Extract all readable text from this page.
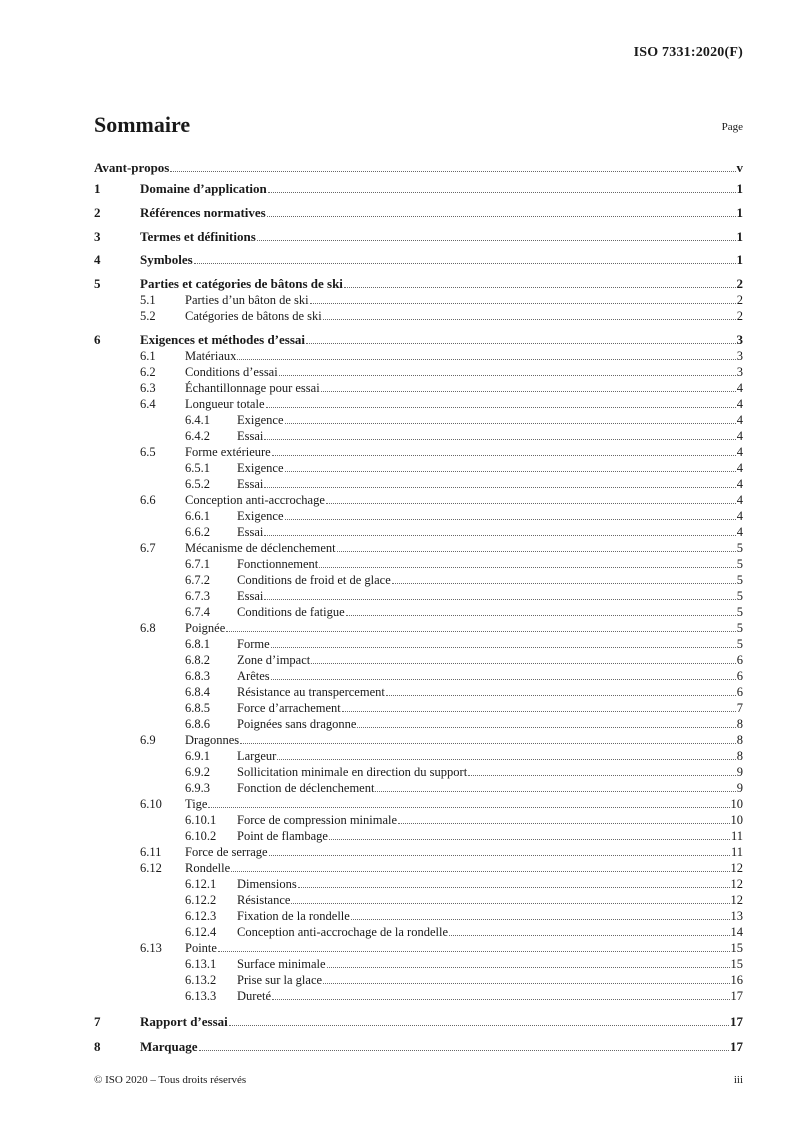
ISO 7331:2020(F)
Sommaire	Page
Avant-propos	v
1	Domaine d’application	1
2	Références normatives	1
3	Termes et définitions	1
4	Symboles	1
5	Parties et catégories de bâtons de ski	2
5.1	Parties d’un bâton de ski	2
5.2	Catégories de bâtons de ski	2
6	Exigences et méthodes d’essai	3
6.1	Matériaux	3
6.2	Conditions d’essai	3
6.3	Échantillonnage pour essai	4
6.4	Longueur totale	4
6.4.1	Exigence	4
6.4.2	Essai	4
6.5	Forme extérieure	4
6.5.1	Exigence	4
6.5.2	Essai	4
6.6	Conception anti-accrochage	4
6.6.1	Exigence	4
6.6.2	Essai	4
6.7	Mécanisme de déclenchement	5
6.7.1	Fonctionnement	5
6.7.2	Conditions de froid et de glace	5
6.7.3	Essai	5
6.7.4	Conditions de fatigue	5
6.8	Poignée	5
6.8.1	Forme	5
6.8.2	Zone d’impact	6
6.8.3	Arêtes	6
6.8.4	Résistance au transpercement	6
6.8.5	Force d’arrachement	7
6.8.6	Poignées sans dragonne	8
6.9	Dragonnes	8
6.9.1	Largeur	8
6.9.2	Sollicitation minimale en direction du support	9
6.9.3	Fonction de déclenchement	9
6.10	Tige	10
6.10.1	Force de compression minimale	10
6.10.2	Point de flambage	11
6.11	Force de serrage	11
6.12	Rondelle	12
6.12.1	Dimensions	12
6.12.2	Résistance	12
6.12.3	Fixation de la rondelle	13
6.12.4	Conception anti-accrochage de la rondelle	14
6.13	Pointe	15
6.13.1	Surface minimale	15
6.13.2	Prise sur la glace	16
6.13.3	Dureté	17
7	Rapport d’essai	17
8	Marquage	17
© ISO 2020 – Tous droits réservés	iii
